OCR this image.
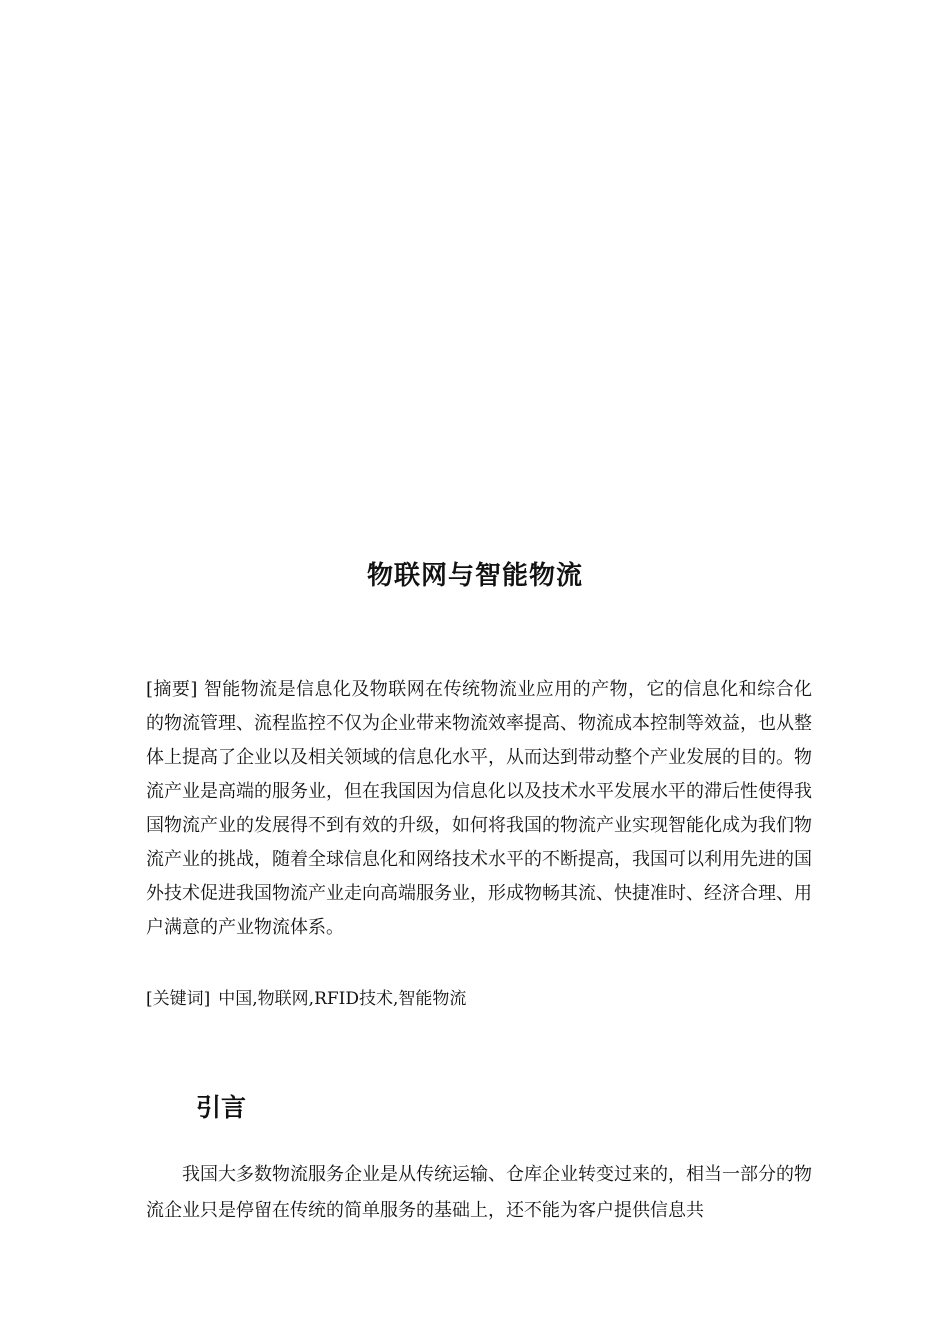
物联网与智能物流

[摘要] 智能物流是信息化及物联网在传统物流业应用的产物，它的信息化和综合化的物流管理、流程监控不仅为企业带来物流效率提高、物流成本控制等效益，也从整体上提高了企业以及相关领域的信息化水平，从而达到带动整个产业发展的目的。物流产业是高端的服务业，但在我国因为信息化以及技术水平发展水平的滞后性使得我国物流产业的发展得不到有效的升级，如何将我国的物流产业实现智能化成为我们物流产业的挑战，随着全球信息化和网络技术水平的不断提高，我国可以利用先进的国外技术促进我国物流产业走向高端服务业，形成物畅其流、快捷准时、经济合理、用户满意的产业物流体系。

[关键词] 中国,物联网,RFID技术,智能物流

引言

我国大多数物流服务企业是从传统运输、仓库企业转变过来的，相当一部分的物流企业只是停留在传统的简单服务的基础上，还不能为客户提供信息共
